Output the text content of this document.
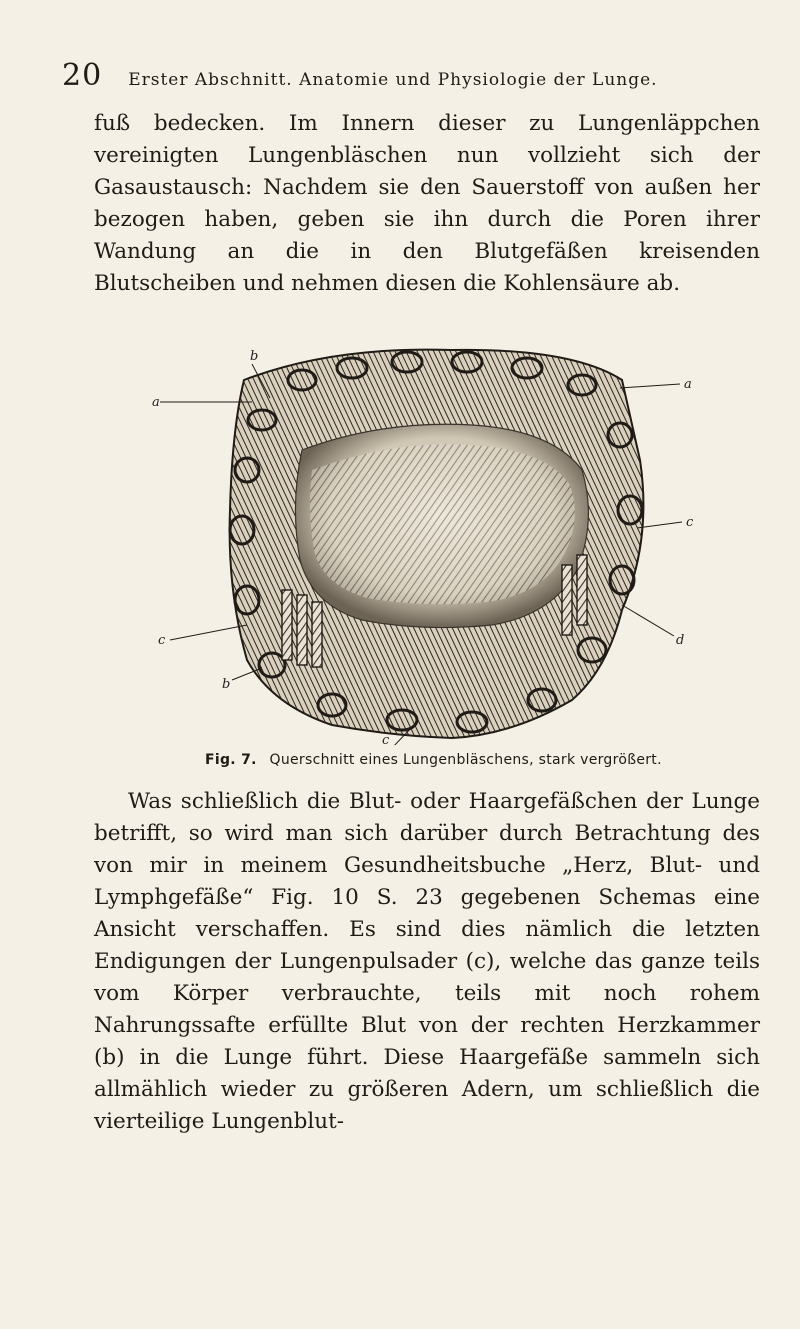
20 Erster Abschnitt. Anatomie und Physiologie der Lunge.

fuß bedecken. Im Innern dieser zu Lungenläppchen vereinigten Lungenbläschen nun vollzieht sich der Gasaustausch: Nachdem sie den Sauerstoff von außen her bezogen haben, geben sie ihn durch die Poren ihrer Wandung an die in den Blutgefäßen kreisenden Blutscheiben und nehmen diesen die Kohlensäure ab.

a
b
a
c
d
c
b
c
Fig. 7. Querschnitt eines Lungenbläschens, stark vergrößert.

Was schließlich die Blut- oder Haargefäßchen der Lunge betrifft, so wird man sich darüber durch Betrachtung des von mir in meinem Gesundheitsbuche „Herz, Blut- und Lymphgefäße“ Fig. 10 S. 23 gegebenen Schemas eine Ansicht verschaffen. Es sind dies nämlich die letzten Endigungen der Lungenpulsader (c), welche das ganze teils vom Körper verbrauchte, teils mit noch rohem Nahrungssafte erfüllte Blut von der rechten Herzkammer (b) in die Lunge führt. Diese Haargefäße sammeln sich allmählich wieder zu größeren Adern, um schließlich die vierteilige Lungenblut-
